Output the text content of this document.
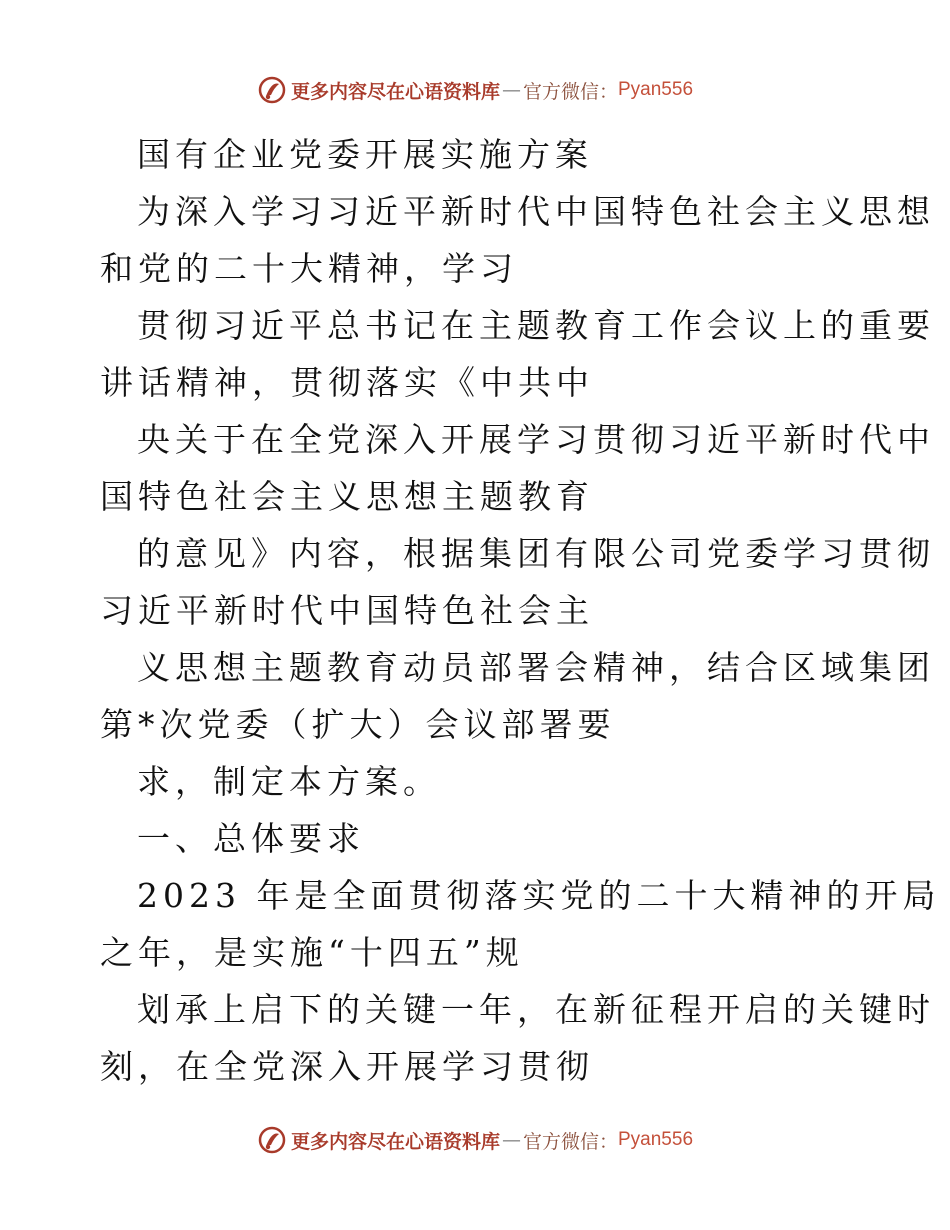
更多内容尽在心语资料库 — 官方微信： Pyan556
国有企业党委开展实施方案
为深入学习习近平新时代中国特色社会主义思想
和党的二十大精神，学习
贯彻习近平总书记在主题教育工作会议上的重要
讲话精神，贯彻落实《中共中
央关于在全党深入开展学习贯彻习近平新时代中
国特色社会主义思想主题教育
的意见》内容，根据集团有限公司党委学习贯彻
习近平新时代中国特色社会主
义思想主题教育动员部署会精神，结合区域集团
第*次党委（扩大）会议部署要
求，制定本方案。
一、总体要求
2023 年是全面贯彻落实党的二十大精神的开局
之年，是实施“十四五”规
划承上启下的关键一年，在新征程开启的关键时
刻，在全党深入开展学习贯彻
更多内容尽在心语资料库 — 官方微信： Pyan556
